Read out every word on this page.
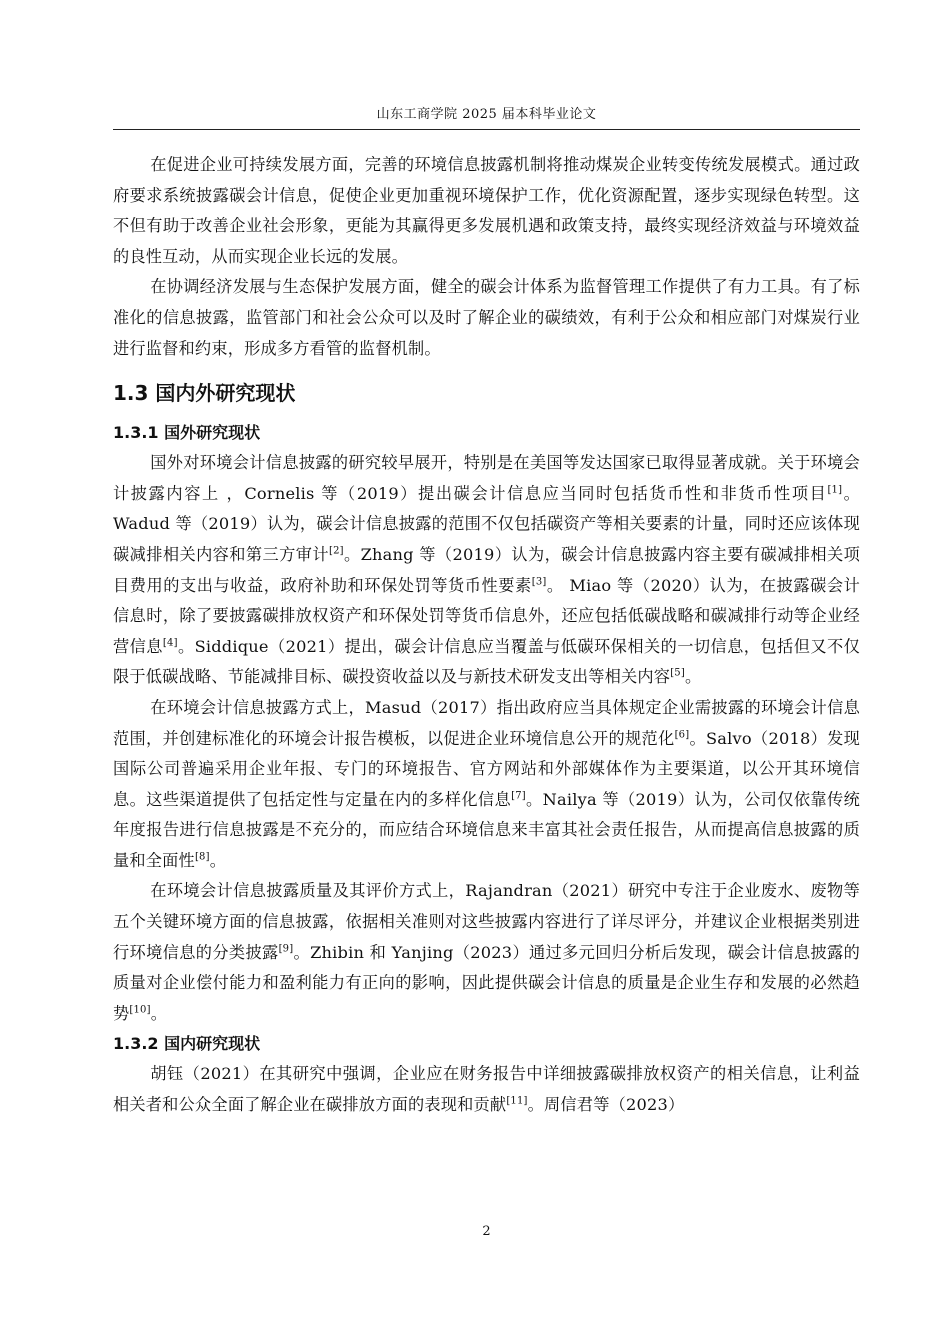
山东工商学院 2025 届本科毕业论文

在促进企业可持续发展方面，完善的环境信息披露机制将推动煤炭企业转变传统发展模式。通过政府要求系统披露碳会计信息，促使企业更加重视环境保护工作，优化资源配置，逐步实现绿色转型。这不但有助于改善企业社会形象，更能为其赢得更多发展机遇和政策支持，最终实现经济效益与环境效益的良性互动，从而实现企业长远的发展。

在协调经济发展与生态保护发展方面，健全的碳会计体系为监督管理工作提供了有力工具。有了标准化的信息披露，监管部门和社会公众可以及时了解企业的碳绩效，有利于公众和相应部门对煤炭行业进行监督和约束，形成多方看管的监督机制。

1.3 国内外研究现状
1.3.1 国外研究现状

国外对环境会计信息披露的研究较早展开，特别是在美国等发达国家已取得显著成就。关于环境会计披露内容上 ，Cornelis 等（2019）提出碳会计信息应当同时包括货币性和非货币性项目[1]。Wadud 等（2019）认为，碳会计信息披露的范围不仅包括碳资产等相关要素的计量，同时还应该体现碳减排相关内容和第三方审计[2]。Zhang 等（2019）认为，碳会计信息披露内容主要有碳减排相关项目费用的支出与收益，政府补助和环保处罚等货币性要素[3]。 Miao 等（2020）认为，在披露碳会计信息时，除了要披露碳排放权资产和环保处罚等货币信息外，还应包括低碳战略和碳减排行动等企业经营信息[4]。Siddique（2021）提出，碳会计信息应当覆盖与低碳环保相关的一切信息，包括但又不仅限于低碳战略、节能减排目标、碳投资收益以及与新技术研发支出等相关内容[5]。

在环境会计信息披露方式上，Masud（2017）指出政府应当具体规定企业需披露的环境会计信息范围，并创建标准化的环境会计报告模板，以促进企业环境信息公开的规范化[6]。Salvo（2018）发现国际公司普遍采用企业年报、专门的环境报告、官方网站和外部媒体作为主要渠道，以公开其环境信息。这些渠道提供了包括定性与定量在内的多样化信息[7]。Nailya 等（2019）认为，公司仅依靠传统年度报告进行信息披露是不充分的，而应结合环境信息来丰富其社会责任报告，从而提高信息披露的质量和全面性[8]。

在环境会计信息披露质量及其评价方式上，Rajandran（2021）研究中专注于企业废水、废物等五个关键环境方面的信息披露，依据相关准则对这些披露内容进行了详尽评分，并建议企业根据类别进行环境信息的分类披露[9]。Zhibin 和 Yanjing（2023）通过多元回归分析后发现，碳会计信息披露的质量对企业偿付能力和盈利能力有正向的影响，因此提供碳会计信息的质量是企业生存和发展的必然趋势[10]。

1.3.2 国内研究现状

胡钰（2021）在其研究中强调，企业应在财务报告中详细披露碳排放权资产的相关信息，让利益相关者和公众全面了解企业在碳排放方面的表现和贡献[11]。周信君等（2023）

2
